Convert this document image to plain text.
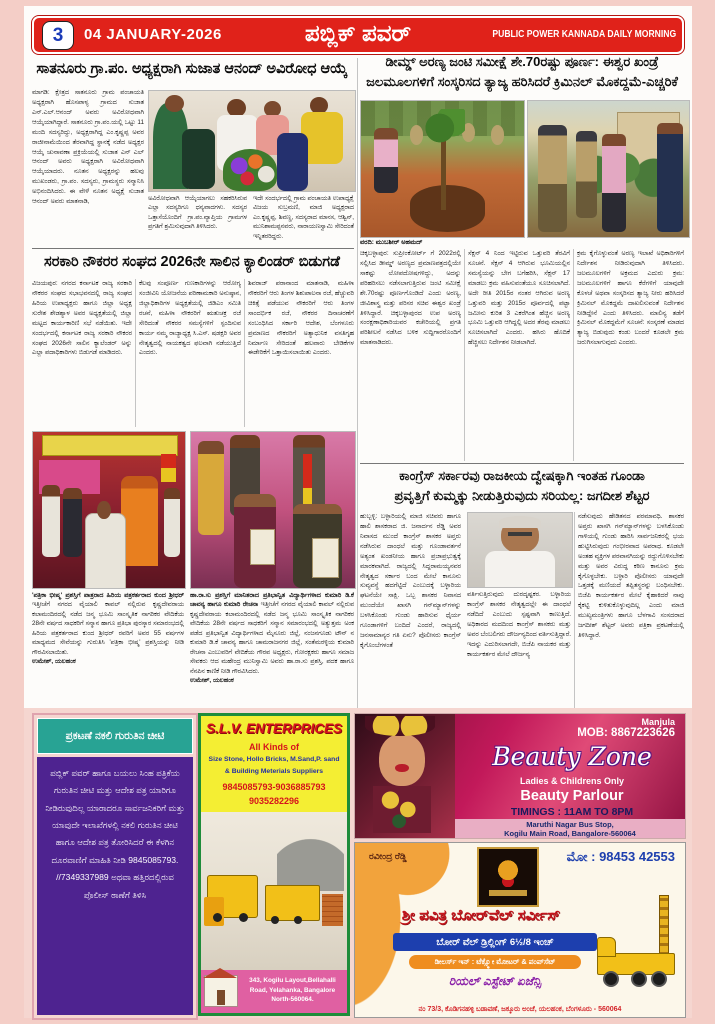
3 04 JANUARY-2026	ಪಬ್ಲಿಕ್ ಪವರ್	PUBLIC POWER KANNADA DAILY MORNING
ಸಾತನೂರು ಗ್ರಾ.ಪಂ. ಅಧ್ಯಕ್ಷರಾಗಿ ಸುಜಾತ ಆನಂದ್ ಅವಿರೋಧ ಆಯ್ಕೆ
ಮಾಗಡಿ: ಕ್ಷೇತ್ರದ ಸಾತನೂರು ಗ್ರಾಮ ಪಂಚಾಯತಿ ಅಧ್ಯಕ್ಷರಾಗಿ ಹೊಸಪಾಳ್ಯ ಗ್ರಾಮದ ಸುಜಾತ ಎನ್.ಎಲ್.ಆನಂದ್ ಅವರು ಅವಿರೋಧವಾಗಿ ಆಯ್ಕೆಯಾಗಿದ್ದಾರೆ. ಸಾತನೂರು ಗ್ರಾ.ಪಂ.ಯಲ್ಲಿ ಒಟ್ಟು 11 ಮಂದಿ ಸದಸ್ಯರಿದ್ದು, ಅಧ್ಯಕ್ಷರಾಗಿದ್ದ ಎಂ.ಕೃಷ್ಣಪ್ಪ ಅವರ ರಾಜೀನಾಮೆಯಿಂದ ತೆರವಾಗಿದ್ದ ಸ್ಥಾನಕ್ಕೆ ನಡೆದ ಅಧ್ಯಕ್ಷರ ಆಯ್ಕೆ ಚುನಾವಣಾ ಪ್ರಕ್ರಿಯೆಯಲ್ಲಿ ಸುಜಾತ ಎನ್ ಎಲ್ ಆನಂದ್ ಅವರು ಅಧ್ಯಕ್ಷರಾಗಿ ಅವಿರೋಧವಾಗಿ ಆಯ್ಕೆಯಾದರು. ನೂತನ ಅಧ್ಯಕ್ಷರನ್ನು ಹಲವು ಮುಖಂಡರು, ಗ್ರಾ.ಪಂ. ಸದಸ್ಯರು, ಗ್ರಾಮಸ್ಥರು ಸನ್ಮಾನಿಸಿ ಅಭಿನಂದಿಸಿದರು. ಈ ವೇಳೆ ನೂತನ ಅಧ್ಯಕ್ಷೆ ಸುಜಾತ ಆನಂದ್ ಅವರು ಮಾತನಾಡಿ,	ಅವಿರೋಧವಾಗಿ ಆಯ್ಕೆಯಾಗಲು ಸಹಕರಿಸಿರುವ ಎಲ್ಲಾ ಸದಸ್ಯರಿಗೂ ಧನ್ಯವಾದಗಳು. ಸದಸ್ಯರ ಒತ್ತಾಸೆಯೊಂದಿಗೆ ಗ್ರಾ.ಪಂ.ವ್ಯಾಪ್ತಿಯ ಗ್ರಾಮಗಳ ಪ್ರಗತಿಗೆ ಶ್ರಮಿಸುವುದಾಗಿ ತಿಳಿಸಿದರು.
ಇದೇ ಸಂದರ್ಭದಲ್ಲಿ ಗ್ರಾಮ ಪಂಚಾಯತಿ ಉಪಾಧ್ಯಕ್ಷೆ ವಿಜಯ ಸುಬ್ರಮಣಿ, ಮಾಜಿ ಅಧ್ಯಕ್ಷರಾದ ಎಂ.ಕೃಷ್ಣಪ್ಪ, ಶಿವಣ್ಣ, ಸದಸ್ಯರಾದ ಮಾನಸ, ಆಶ್ವಿನ್, ಮುನಿಶಾಮಪ್ಪನವರು, ನಾರಾಯಣಸ್ವಾಮಿ ಸೇರಿದಂತೆ ಇನ್ನಿತರರಿದ್ದರು.
ಡೀಮ್ಡ್ ಅರಣ್ಯ ಜಂಟಿ ಸಮೀಕ್ಷೆ ಶೇ.70ರಷ್ಟು ಪೂರ್ಣ: ಈಶ್ವರ ಖಂಡ್ರೆ
ಜಲಮೂಲಗಳಿಗೆ ಸಂಸ್ಕರಿಸದ ತ್ಯಾಜ್ಯ ಹರಿಸಿದರೆ ಕ್ರಿಮಿನಲ್ ಮೊಕದ್ದಮೆ-ಎಚ್ಚರಿಕೆ
ವರದಿ: ಮುಬಶೀರ್ ಅಹಮದ್
ಚಿಕ್ಕಬಳ್ಳಾಪುರ: ಸುಪ್ರೀಂಕೋರ್ಟ್ ಗೆ 2022ರಲ್ಲಿ ಸಲ್ಲಿಸಿದ ಡೀಮ್ಡ್ ಅರಣ್ಯದ ಪ್ರಮಾಣಪತ್ರದಲ್ಲಿಯೇ ಸಾಕಷ್ಟು ಲೋಪದೋಷಗಳಿದ್ದು, ಅದನ್ನು ಪರಿಹರಿಸಲು ನಡೆಸಲಾಗುತ್ತಿರುವ ಜಂಟಿ ಸಮೀಕ್ಷೆ ಶೇ.70ರಷ್ಟು ಪೂರ್ಣಗೊಂಡಿದೆ ಎಂದು ಅರಣ್ಯ, ಜೀವಿಶಾಸ್ತ್ರ ಮತ್ತು ಪರಿಸರ ಸಚಿವ ಈಶ್ವರ ಖಂಡ್ರೆ ತಿಳಿಸಿದ್ದಾರೆ. ಚಿಕ್ಕಬಳ್ಳಾಪುರದ ಉಪ ಅರಣ್ಯ ಸಂರಕ್ಷಣಾಧಿಕಾರಿಯವರ ಕಚೇರಿಯಲ್ಲಿ ಪ್ರಗತಿ ಪರಿಶೀಲನೆ ನಡೆಸಿದ ಬಳಿಕ ಸುದ್ದಿಗಾರರೊಂದಿಗೆ ಮಾತನಾಡಿದರು.
ಸೆಕ್ಷನ್ 4 ನಿಂದ ಇಟ್ಟಿರುವ ಒತ್ತುವರಿ ತೆರವಿಗೆ ಸೂಚನೆ. ಸೆಕ್ಷನ್ 4 ಆಗಿರುವ ಭೂಮಿಯಲ್ಲಿನ ಸಮಸ್ಯೆಯನ್ನು ಬೇಗ ಬಗೆಹರಿಸಿ, ಸೆಕ್ಷನ್ 17 ಮಾಡಲು ಕ್ರಮ ವಹಿಸುವಂತೆಯೂ ಸೂಚಿಸಲಾಗಿದೆ. ಅದೇ ರೀತಿ 2015ರ ನಂತರ ಆಗಿರುವ ಅರಣ್ಯ ಒತ್ತುವರಿ ಮತ್ತು 2015ರ ಪೂರ್ವದಲ್ಲಿ ಪಟ್ಟಾ ಜಮೀನು ಕುರಿತ 3 ಎಕರೆಗಿಂತ ಹೆಚ್ಚಿನ ಅರಣ್ಯ ಭೂಮಿ ಒತ್ತುವರಿ ಆಗಿದ್ದಲ್ಲಿ ಅದರ ತೆರವು ಮಾಡಲು ಸೂಚಿಸಲಾಗಿದೆ ಎಂದರು. ಹಸಿರು ಹೊದಿಕೆ ಹೆಚ್ಚಿಸಲು ನಿರ್ದೇಶನ ನೀಡಲಾಗಿದೆ.
ಕ್ರಮ ಕೈಗೊಳ್ಳುವಂತೆ ಅರಣ್ಯ ಇಲಾಖೆ ಅಧಿಕಾರಿಗಳಿಗೆ ನಿರ್ದೇಶನ ನೀಡಿರುವುದಾಗಿ ತಿಳಿಸಿದರು. ಜಲಮೂಲಗಳಿಗೆ ಅಕ್ರಮದ ಎದುರು ಕ್ರಮ: ಜಲಮೂಲಗಳಿಗೆ ಹಾಗೂ ಕೆರೆಗಳಿಗೆ ಯಾವುದೇ ಕೊಳಚೆ ಅಥವಾ ಸಂಸ್ಕರಿಸದ ತ್ಯಾಜ್ಯ ನೀರು ಹರಿಸಿದರೆ ಕ್ರಿಮಿನಲ್ ಮೊಕದ್ದಮೆ ದಾಖಲಿಸುವಂತೆ ನಿರ್ದೇಶನ ನೀಡಿದ್ದೇನೆ ಎಂದು ತಿಳಿಸಿದರು. ಮಾಲಿನ್ಯ ತಡೆಗೆ ಕ್ರಿಮಿನಲ್ ಮೊಕದ್ದಮೆಗೆ ಸೂಚನೆ: ಸಂಸ್ಕರಣೆ ಮಾಡದ ತ್ಯಾಜ್ಯ ಬಿಡುವುದು ಕಂಡು ಬಂದರೆ ಕೂಡಲೇ ಕ್ರಮ ಜರುಗಿಸಲಾಗುವುದು ಎಂದರು.
ಸರಕಾರಿ ನೌಕರರ ಸಂಘದ 2026ನೇ ಸಾಲಿನ ಕ್ಯಾಲಿಂಡರ್ ಬಿಡುಗಡೆ
ವಿಜಯಪುರ: ನಗರದ ಕರ್ನಾಟಕ ರಾಜ್ಯ ಸರಕಾರಿ ನೌಕರರ ಸಂಘದ ಸಭಾಭವನದಲ್ಲಿ ರಾಜ್ಯ ಸಂಘದ ಹಿರಿಯ ಉಪಾಧ್ಯಕ್ಷರು ಹಾಗೂ ಜಿಲ್ಲಾ ಅಧ್ಯಕ್ಷ ಸುರೇಶ ಶೇಡಶ್ಯಾಳ ಅವರ ಅಧ್ಯಕ್ಷತೆಯಲ್ಲಿ ಜಿಲ್ಲಾ ಮಟ್ಟದ ಕಾರ್ಯಕಾರಿಣಿ ಸಭೆ ನಡೆಯಿತು. ಇದೇ ಸಂದರ್ಭದಲ್ಲಿ ಕರ್ನಾಟಕ ರಾಜ್ಯ ಸರಕಾರಿ ನೌಕರರ ಸಂಘದ 2026ನೇ ಸಾಲಿನ ಕ್ಯಾಲೆಂಡರ್ ಅನ್ನು ಎಲ್ಲಾ ಪದಾಧಿಕಾರಿಗಳು ಬಿಡುಗಡೆ ಮಾಡಿದರು.
ಕೆಲವು ಸಂಪೂರ್ಣ ಗುಣಕಾರಿಗಳನ್ನು ಆರೋಗ್ಯ ಸಂಜೀವಿನಿ ಯೋಜನೆಯ ಪರಿಣಾಮಕಾರಿ ಅನುಷ್ಠಾನ, ಜಿಲ್ಲಾಧಿಕಾರಿಗಳ ಅಧ್ಯಕ್ಷತೆಯಲ್ಲಿ ಜಿಡಿಎಂ ಸಮಿತಿ ರಚನೆ, ಮಹಿಳಾ ನೌಕರರಿಗೆ ಋತುಚಕ್ರ ರಜೆ ಸೇರಿದಂತೆ ನೌಕರರ ಸಮಸ್ಯೆಗಳಿಗೆ ಸ್ಪಂದಿಸುವ ಕಾರ್ಯ ನಮ್ಮ ರಾಜ್ಯಾಧ್ಯಕ್ಷ ಸಿ.ಎಸ್. ಷಡಕ್ಷರಿ ಅವರ ನೇತೃತ್ವದಲ್ಲಿ ನಾಯಕತ್ವದ ಫಲವಾಗಿ ನಡೆಯುತ್ತಿದೆ ಎಂದರು.
ಶಿವರಾಜ್ ಪರಾನಾಂದ ಮಾತನಾಡಿ, ಮಹಿಳಾ ನೌಕರರಿಗೆ ಆರು ತಿಂಗಳ ಶಿಶುಪಾಲನಾ ರಜೆ, ಹೆಚ್ಚುವರಿ ಚಿಕಿತ್ಸೆ ಪಡೆಯುವ ನೌಕರರಿಗೆ ಆರು ತಿಂಗಳ ಸಾಂದರ್ಭಿಕ ರಜೆ, ನೌಕರರ ದಿನಾಚರಣೆಗೆ ಸಂಬಂಧಿಸಿದ ಸರ್ಕಾರಿ ಆದೇಶ, ಬೆಂಗಳೂರು ಪ್ರಮಾಣದ ನೌಕರರಿಗೆ ಅತ್ಯಾಧುನಿಕ ವಸತಿಗೃಹ ನಿರ್ಮಾಣ ಸೇರಿದಂತೆ ಹಲವಾರು ಬೇಡಿಕೆಗಳ ಈಡೇರಿಕೆಗೆ ಒತ್ತಾಯಿಸಲಾಯಿತು ಎಂದರು.
'ಪತ್ರಿಕಾ ಭೀಷ್ಮ' ಪ್ರಶಸ್ತಿಗೆ ಪಾತ್ರರಾದ ಹಿರಿಯ ಪತ್ರಕರ್ತರಾದ ಕುಂದ ಶ್ರೀಧರ್ ಇತ್ತೀಚೆಗೆ ನಗರದ ವೈಯಾಲಿ ಕಾವಲ್ ನಲ್ಲಿರುವ ಕೃಷ್ಣದೇವರಾಯ ಕಲಾಮಂದಿರದಲ್ಲಿ ನಡೆದ ಜನ್ಮ ಭೂಮಿ ಸಾಂಸ್ಕೃತಿಕ ನಾಗರಿಕರ ವೇದಿಕೆಯ 28ನೇ ವರ್ಷದ ಸಾಧಕರಿಗೆ ಸನ್ಮಾನ ಹಾಗೂ ಪ್ರತಿಭಾ ಪುರಸ್ಕಾರ ಸಮಾರಂಭದಲ್ಲಿ ಹಿರಿಯ ಪತ್ರಕರ್ತರಾದ ಕುಂದ ಶ್ರೀಧರ್ ರವರಿಗೆ ಅವರ 55 ವರ್ಷಗಳ ಮಾಧ್ಯಮದ ಸೇವೆಯನ್ನು ಗುರುತಿಸಿ 'ಪತ್ರಿಕಾ ಭೀಷ್ಮ' ಪ್ರಶಸ್ತಿಯನ್ನು ನೀಡಿ ಗೌರವಿಸಲಾಯಿತು.
ಉಮೇಶ್, ಯಲಹಂಕ
ಹಾ.ರಾ.ಸು ಪ್ರಶಸ್ತಿಗೆ ಮಾನಿತರಾದ ಪ್ರತಿಭಾನ್ವಿತ ವಿದ್ಯಾರ್ಥಿಗಳಾದ ಕುಮಾರಿ ಡಿ.ಕೆ ಚಾವನ್ಯ ಹಾಗೂ ಕುಮಾರಿ ರೇಚನಾ ಇತ್ತೀಚೆಗೆ ನಗರದ ವೈಯಾಲಿ ಕಾವಲ್ ನಲ್ಲಿರುವ ಕೃಷ್ಣದೇವರಾಯ ಕಲಾಮಂದಿರದಲ್ಲಿ ನಡೆದ ಜನ್ಮ ಭೂಮಿ ಸಾಂಸ್ಕೃತಿಕ ನಾಗರಿಕರ ವೇದಿಕೆಯ 28ನೇ ವರ್ಷದ ಸಾಧಕರಿಗೆ ಸನ್ಮಾನ ಸಮಾರಂಭದಲ್ಲಿ ಅತ್ಯುತ್ತಮ ಅಂಕ ಪಡೆದ ಪ್ರತಿಭಾನ್ವಿತ ವಿದ್ಯಾರ್ಥಿಗಳಾದ ಮೈಸೂರು ಜಿಲ್ಲೆ, ನಂಜನಗೂಡು ಟೌನ್ ನ ಕುಮಾರಿ ಡಿ.ಕೆ ಚಾವನ್ಯ ಹಾಗೂ ಚಾಮರಾಜನಗರ ಜಿಲ್ಲೆ, ಸಂತೆಮರಳ್ಳಿಯ ಕುಮಾರಿ ರೇಚನಾ ಎಂಬುವರಿಗೆ ವೇದಿಕೆಯ ಗೌರವ ಅಧ್ಯಕ್ಷರು, ಗೋರಕ್ಷಕರು ಹಾಗೂ ಸಮಾಜ ಸೇವಕರು ಆದ ಮಹೇಂದ್ರ ಮುನಿಸ್ವಾಮಿ ಅವರು ಹಾ.ರಾ.ಸು ಪ್ರಶಸ್ತಿ, ಪದಕ ಹಾಗೂ ನೆನಪಿನ ಕಾಣಿಕೆ ನೀಡಿ ಗೌರವಿಸಿದರು.
ಉಮೇಶ್, ಯಲಹಂಕ
ಕಾಂಗ್ರೆಸ್ ಸರ್ಕಾರವು ರಾಜಕೀಯ ದ್ವೇಷಕ್ಕಾಗಿ ಇಂತಹ ಗೂಂಡಾ
ಪ್ರವೃತ್ತಿಗೆ ಕುಮ್ಮಕ್ಕು ನೀಡುತ್ತಿರುವುದು ಸರಿಯಲ್ಲ: ಜಗದೀಶ ಶೆಟ್ಟರ
ಹುಬ್ಬಳ್ಳಿ: ಬಳ್ಳಾರಿಯಲ್ಲಿ ಮಾಜಿ ಸಚಿವರು ಹಾಗೂ ಹಾಲಿ ಶಾಸಕರಾದ ಜಿ. ಜನಾರ್ದನ ರೆಡ್ಡಿ ಅವರ ನಿವಾಸದ ಮುಂದೆ ಕಾಂಗ್ರೆಸ್ ಶಾಸಕರ ಅಪ್ತರು ನಡೆಸಿರುವ ದಾಂಧಲೆ ಮತ್ತು ಗೂಂಡಾವರ್ತನೆ ಅತ್ಯಂತ ಖಂಡನೀಯ ಹಾಗೂ ಪ್ರಜಾಪ್ರಭುತ್ವಕ್ಕೆ ಮಾರಕವಾಗಿದೆ. ರಾಜ್ಯದಲ್ಲಿ ಸಿದ್ದರಾಮಯ್ಯನವರ ನೇತೃತ್ವದ ಸರ್ಕಾರ ಬಂದ ಮೇಲೆ ಕಾನೂನು ಸುವ್ಯವಸ್ಥೆ ಹದಗೆಟ್ಟಿದೆ ಎಂಬುದಕ್ಕೆ ಬಳ್ಳಾರಿಯ ಘಟನೆಯೇ ಸಾಕ್ಷಿ. ಒಬ್ಬ ಶಾಸಕರ ನಿವಾಸದ ಮುಂದೆಯೇ ಖಾಸಗಿ ಗನ್‌ಮ್ಯಾನ್‌ಗಳನ್ನು ಬಳಸಿಕೊಂಡು ಗುಂಡು ಹಾರಿಸುವ ಧೈರ್ಯ ಗೂಂಡಾಗಳಿಗೆ ಬಂದಿದೆ ಎಂದರೆ, ರಾಜ್ಯದಲ್ಲಿ ಜನಸಾಮಾನ್ಯರ ಗತಿ ಏನು? ಪೊಲೀಸರು ಕಾಂಗ್ರೆಸ್ ಕೈಗೊಂಬೆಗಳಂತೆ
ವರ್ತಿಸುತ್ತಿರುವುದು ದುರದೃಷ್ಟಕರ. ಬಳ್ಳಾರಿಯ ಕಾಂಗ್ರೆಸ್ ಶಾಸಕರ ನೇತೃತ್ವದಲ್ಲೇ ಈ ದಾಂಧಲೆ ನಡೆದಿದೆ ಎಂಬುದು ಸ್ಪಷ್ಟವಾಗಿ ಕಾಣುತ್ತಿದೆ. ಅಧಿಕಾರದ ಮದದಿಂದ ಕಾಂಗ್ರೆಸ್ ಶಾಸಕರು ಮತ್ತು ಅವರ ಬೆಂಬಲಿಗರು ದೌರ್ಜನ್ಯದಿಂದ ವರ್ತಿಸುತ್ತಿದ್ದಾರೆ. ಇದನ್ನು ಎದುರಿಸಲಾಗದೇ, ಬಿಜೆಪಿ ನಾಯಕರ ಮತ್ತು ಕಾರ್ಯಕರ್ತರ ಮೇಲೆ ದೌರ್ಜನ್ಯ
ನಡೆಸುವುದು ಹೇಡಿತನದ ಪರಮಾವಧಿ. ಶಾಸಕರ ಅಪ್ತರು ಖಾಸಗಿ ಗನ್‌ಮ್ಯಾನ್‌ಗಳನ್ನು ಬಳಸಿಕೊಂಡು ಗಾಳಿಯಲ್ಲಿ ಗುಂಡು ಹಾರಿಸಿ ಸಾರ್ವಜನಿಕರಲ್ಲಿ ಭಯ ಹುಟ್ಟಿಸಿರುವುದು ಗಂಭೀರವಾದ ಅಪರಾಧ. ಕೂಡಲೇ ಅಂತಹ ವ್ಯಕ್ತಿಗಳ ಪರವಾನಗಿಯನ್ನು ರದ್ದುಗೊಳಿಸಬೇಕು ಮತ್ತು ಅವರ ವಿರುದ್ಧ ಕಠಿಣ ಕಾನೂನು ಕ್ರಮ ಕೈಗೊಳ್ಳಬೇಕು. ಬಳ್ಳಾರಿ ಪೊಲೀಸರು ಯಾವುದೇ ಒತ್ತಡಕ್ಕೆ ಮಣಿಯದೆ ತಪ್ಪಿತಸ್ಥರನ್ನು ಬಂಧಿಸಬೇಕು. ಬಿಜೆಪಿ ಕಾರ್ಯಕರ್ತರ ಮೇಲೆ ಕೈಹಾಕಿದರೆ ನಾವು ಕೈಕಟ್ಟಿ ಕುಳಿತುಕೊಳ್ಳುವುದಿಲ್ಲ ಎಂದು ಮಾಜಿ ಮುಖ್ಯಮಂತ್ರಿಗಳು ಹಾಗೂ ಬೆಳಗಾವಿ ಸಂಸದರಾದ ಜಗದೀಶ್ ಶೆಟ್ಟರ್ ಅವರು ಪತ್ರಿಕಾ ಪ್ರಕಟಣೆಯಲ್ಲಿ ತಿಳಿಸಿದ್ದಾರೆ.
ಪ್ರಕಟಣೆ ನಕಲಿ ಗುರುತಿನ ಚೀಟಿ
ಪಬ್ಲಿಕ್ ಪವರ್ ಹಾಗೂ ಬಯಲು ಸಿಂಹ ಪತ್ರಿಕೆಯ ಗುರುತಿನ ಚೀಟಿ ಮತ್ತು ಆದೇಶ ಪತ್ರ ಯಾರಿಗೂ ನೀಡಿರುವುದಿಲ್ಲ ಯಾರಾದರೂ ಸಾರ್ವಜನಿಕರಿಗೆ ಮತ್ತು ಯಾವುದೇ ಇಲಾಖೆಗಳಲ್ಲಿ ನಕಲಿ ಗುರುತಿನ ಚೀಟಿ ಹಾಗೂ ಆದೇಶ ಪತ್ರ ತೋರಿಸಿದರೆ ಈ ಕೆಳಗಿನ ದೂರವಾಣಿಗೆ ಮಾಹಿತಿ ನೀಡಿ 9845085793. //7349337989 ಅಥವಾ ಹತ್ತಿರದಲ್ಲಿರುವ ಪೊಲೀಸ್ ಠಾಣೆಗೆ ತಿಳಿಸಿ
S.L.V. ENTERPRICES
All Kinds of
Size Stone, Hollo Bricks, M.Sand,P. sand
& Building Meterials Suppliers
9845085793-9036885793
9035282296
343, Kogilu Layout,Bellahalli Road, Yelahanka, Bangalore North-560064.
Manjula
MOB: 8867223626
Beauty Zone
Ladies & Childrens Only
Beauty Parlour
TIMINGS : 11AM TO 8PM
Maruthi Nagar Bus Stop,
Kogilu Main Road, Bangalore-560064
ರವೀಂದ್ರ ರೆಡ್ಡಿ	ಮೋ : 98453 42553
ಶ್ರೀ ಪವಿತ್ರ ಬೋರ್‌ವೆಲ್ ಸರ್ವೀಸ್
ಬೋರ್ ವೆಲ್ ಡ್ರಿಲ್ಲಿಂಗ್ 6½/8 ಇಂಚ್
ಡೀಲರ್ಸ್ ಇನ್ : ಟೆಕ್ಸ್ಮೋ ಮೋಟರ್ & ಪಂಪ್‌ಸೆಟ್
ರಿಯಲ್ ಎಸ್ಟೇಟ್ ಏಜೆನ್ಸಿ
ನಂ 73/3, ಕೊಡಿಗನಹಳ್ಳಿ ಬಡಾವಣೆ, ಜಕ್ಕೂರು ಅಂಚೆ, ಯಲಹಂಕ, ಬೆಂಗಳೂರು - 560064
